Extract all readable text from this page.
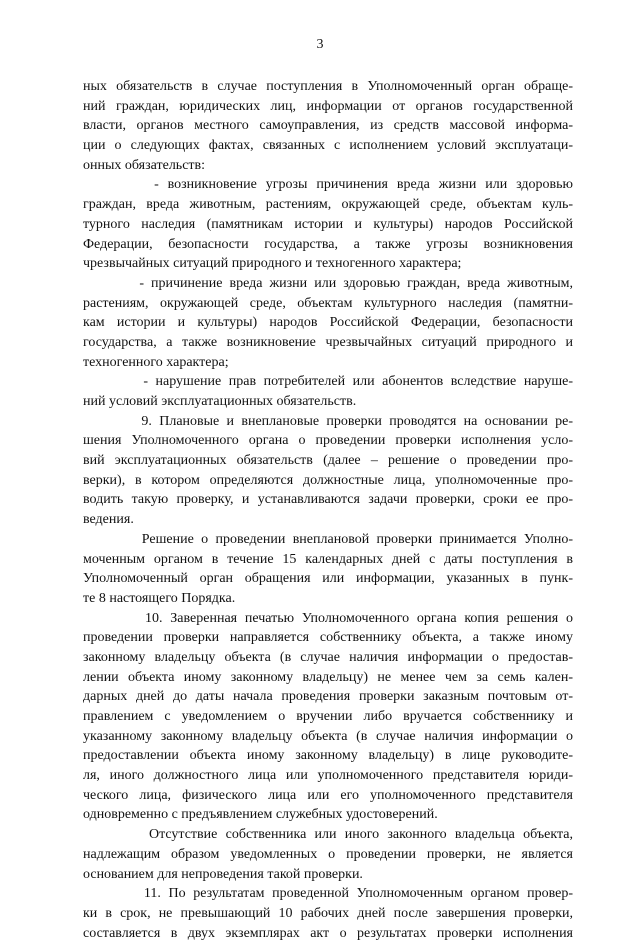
3
ных обязательств в случае поступления в Уполномоченный орган обраще-
ний граждан, юридических лиц, информации от органов государственной
власти, органов местного самоуправления, из средств массовой информа-
ции о следующих фактах, связанных с исполнением условий эксплуатаци-
онных обязательств:
- возникновение угрозы причинения вреда жизни или здоровью
граждан, вреда животным, растениям, окружающей среде, объектам куль-
турного наследия (памятникам истории и культуры) народов Российской
Федерации, безопасности государства, а также угрозы возникновения
чрезвычайных ситуаций природного и техногенного характера;
- причинение вреда жизни или здоровью граждан, вреда животным,
растениям, окружающей среде, объектам культурного наследия (памятни-
кам истории и культуры) народов Российской Федерации, безопасности
государства, а также возникновение чрезвычайных ситуаций природного и
техногенного характера;
- нарушение прав потребителей или абонентов вследствие наруше-
ний условий эксплуатационных обязательств.
9. Плановые и внеплановые проверки проводятся на основании ре-
шения Уполномоченного органа о проведении проверки исполнения усло-
вий эксплуатационных обязательств (далее – решение о проведении про-
верки), в котором определяются должностные лица, уполномоченные про-
водить такую проверку, и устанавливаются задачи проверки, сроки ее про-
ведения.
Решение о проведении внеплановой проверки принимается Уполно-
моченным органом в течение 15 календарных дней с даты поступления в
Уполномоченный орган обращения или информации, указанных в пунк-
те 8 настоящего Порядка.
10. Заверенная печатью Уполномоченного органа копия решения о
проведении проверки направляется собственнику объекта, а также иному
законному владельцу объекта (в случае наличия информации о предостав-
лении объекта иному законному владельцу) не менее чем за семь кален-
дарных дней до даты начала проведения проверки заказным почтовым от-
правлением с уведомлением о вручении либо вручается собственнику и
указанному законному владельцу объекта (в случае наличия информации о
предоставлении объекта иному законному владельцу) в лице руководите-
ля, иного должностного лица или уполномоченного представителя юриди-
ческого лица, физического лица или его уполномоченного представителя
одновременно с предъявлением служебных удостоверений.
Отсутствие собственника или иного законного владельца объекта,
надлежащим образом уведомленных о проведении проверки, не является
основанием для непроведения такой проверки.
11. По результатам проведенной Уполномоченным органом провер-
ки в срок, не превышающий 10 рабочих дней после завершения проверки,
составляется в двух экземплярах акт о результатах проверки исполнения
